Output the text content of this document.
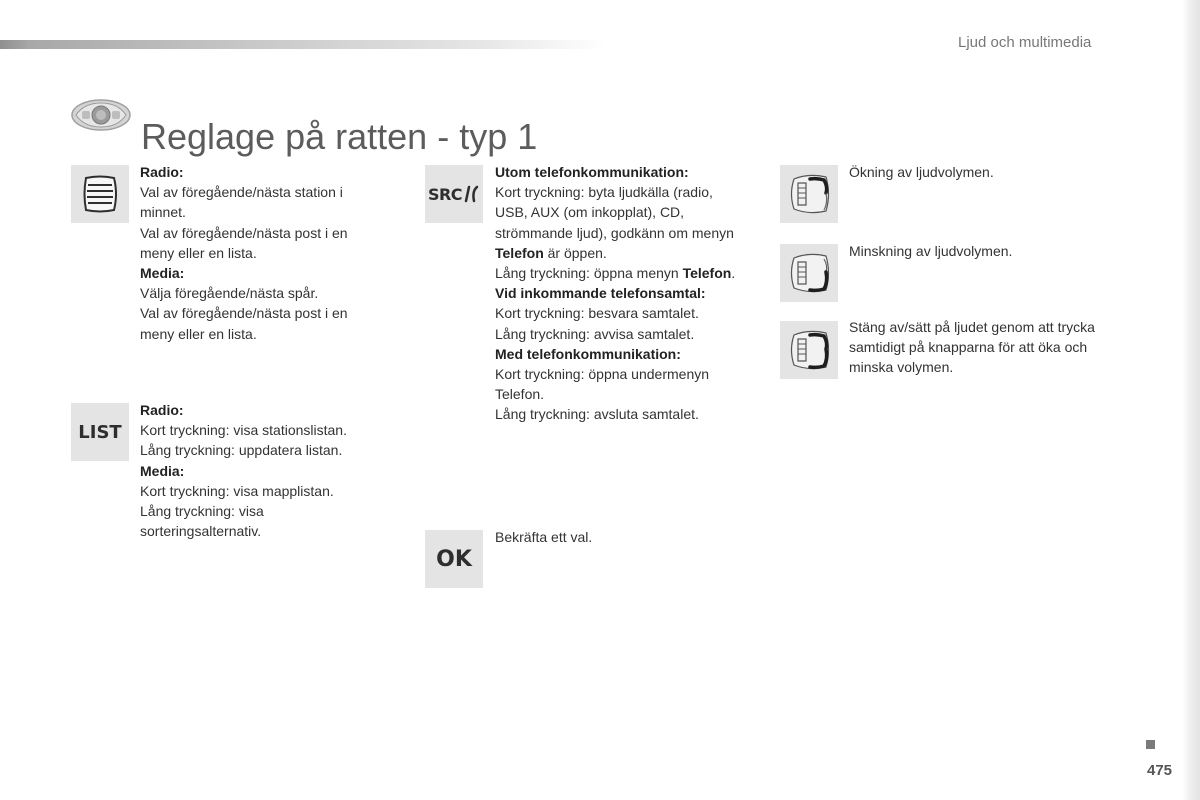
Ljud och multimedia
Reglage på ratten - typ 1

Radio:

Val av föregående/nästa station i minnet.

Val av föregående/nästa post i en meny eller en lista.

Media:

Välja föregående/nästa spår.

Val av föregående/nästa post i en meny eller en lista.

LIST

Radio:

Kort tryckning: visa stationslistan.

Lång tryckning: uppdatera listan.

Media:

Kort tryckning: visa mapplistan.

Lång tryckning: visa sorteringsalternativ.

SRC

Utom telefonkommunikation:

Kort tryckning: byta ljudkälla (radio, USB, AUX (om inkopplat), CD, strömmande ljud), godkänn om menyn Telefon är öppen.

Lång tryckning: öppna menyn Telefon.

Vid inkommande telefonsamtal:

Kort tryckning: besvara samtalet.

Lång tryckning: avvisa samtalet.

Med telefonkommunikation:

Kort tryckning: öppna undermenyn Telefon.

Lång tryckning: avsluta samtalet.

OK

Bekräfta ett val.

Ökning av ljudvolymen.

Minskning av ljudvolymen.

Stäng av/sätt på ljudet genom att trycka samtidigt på knapparna för att öka och minska volymen.

475
